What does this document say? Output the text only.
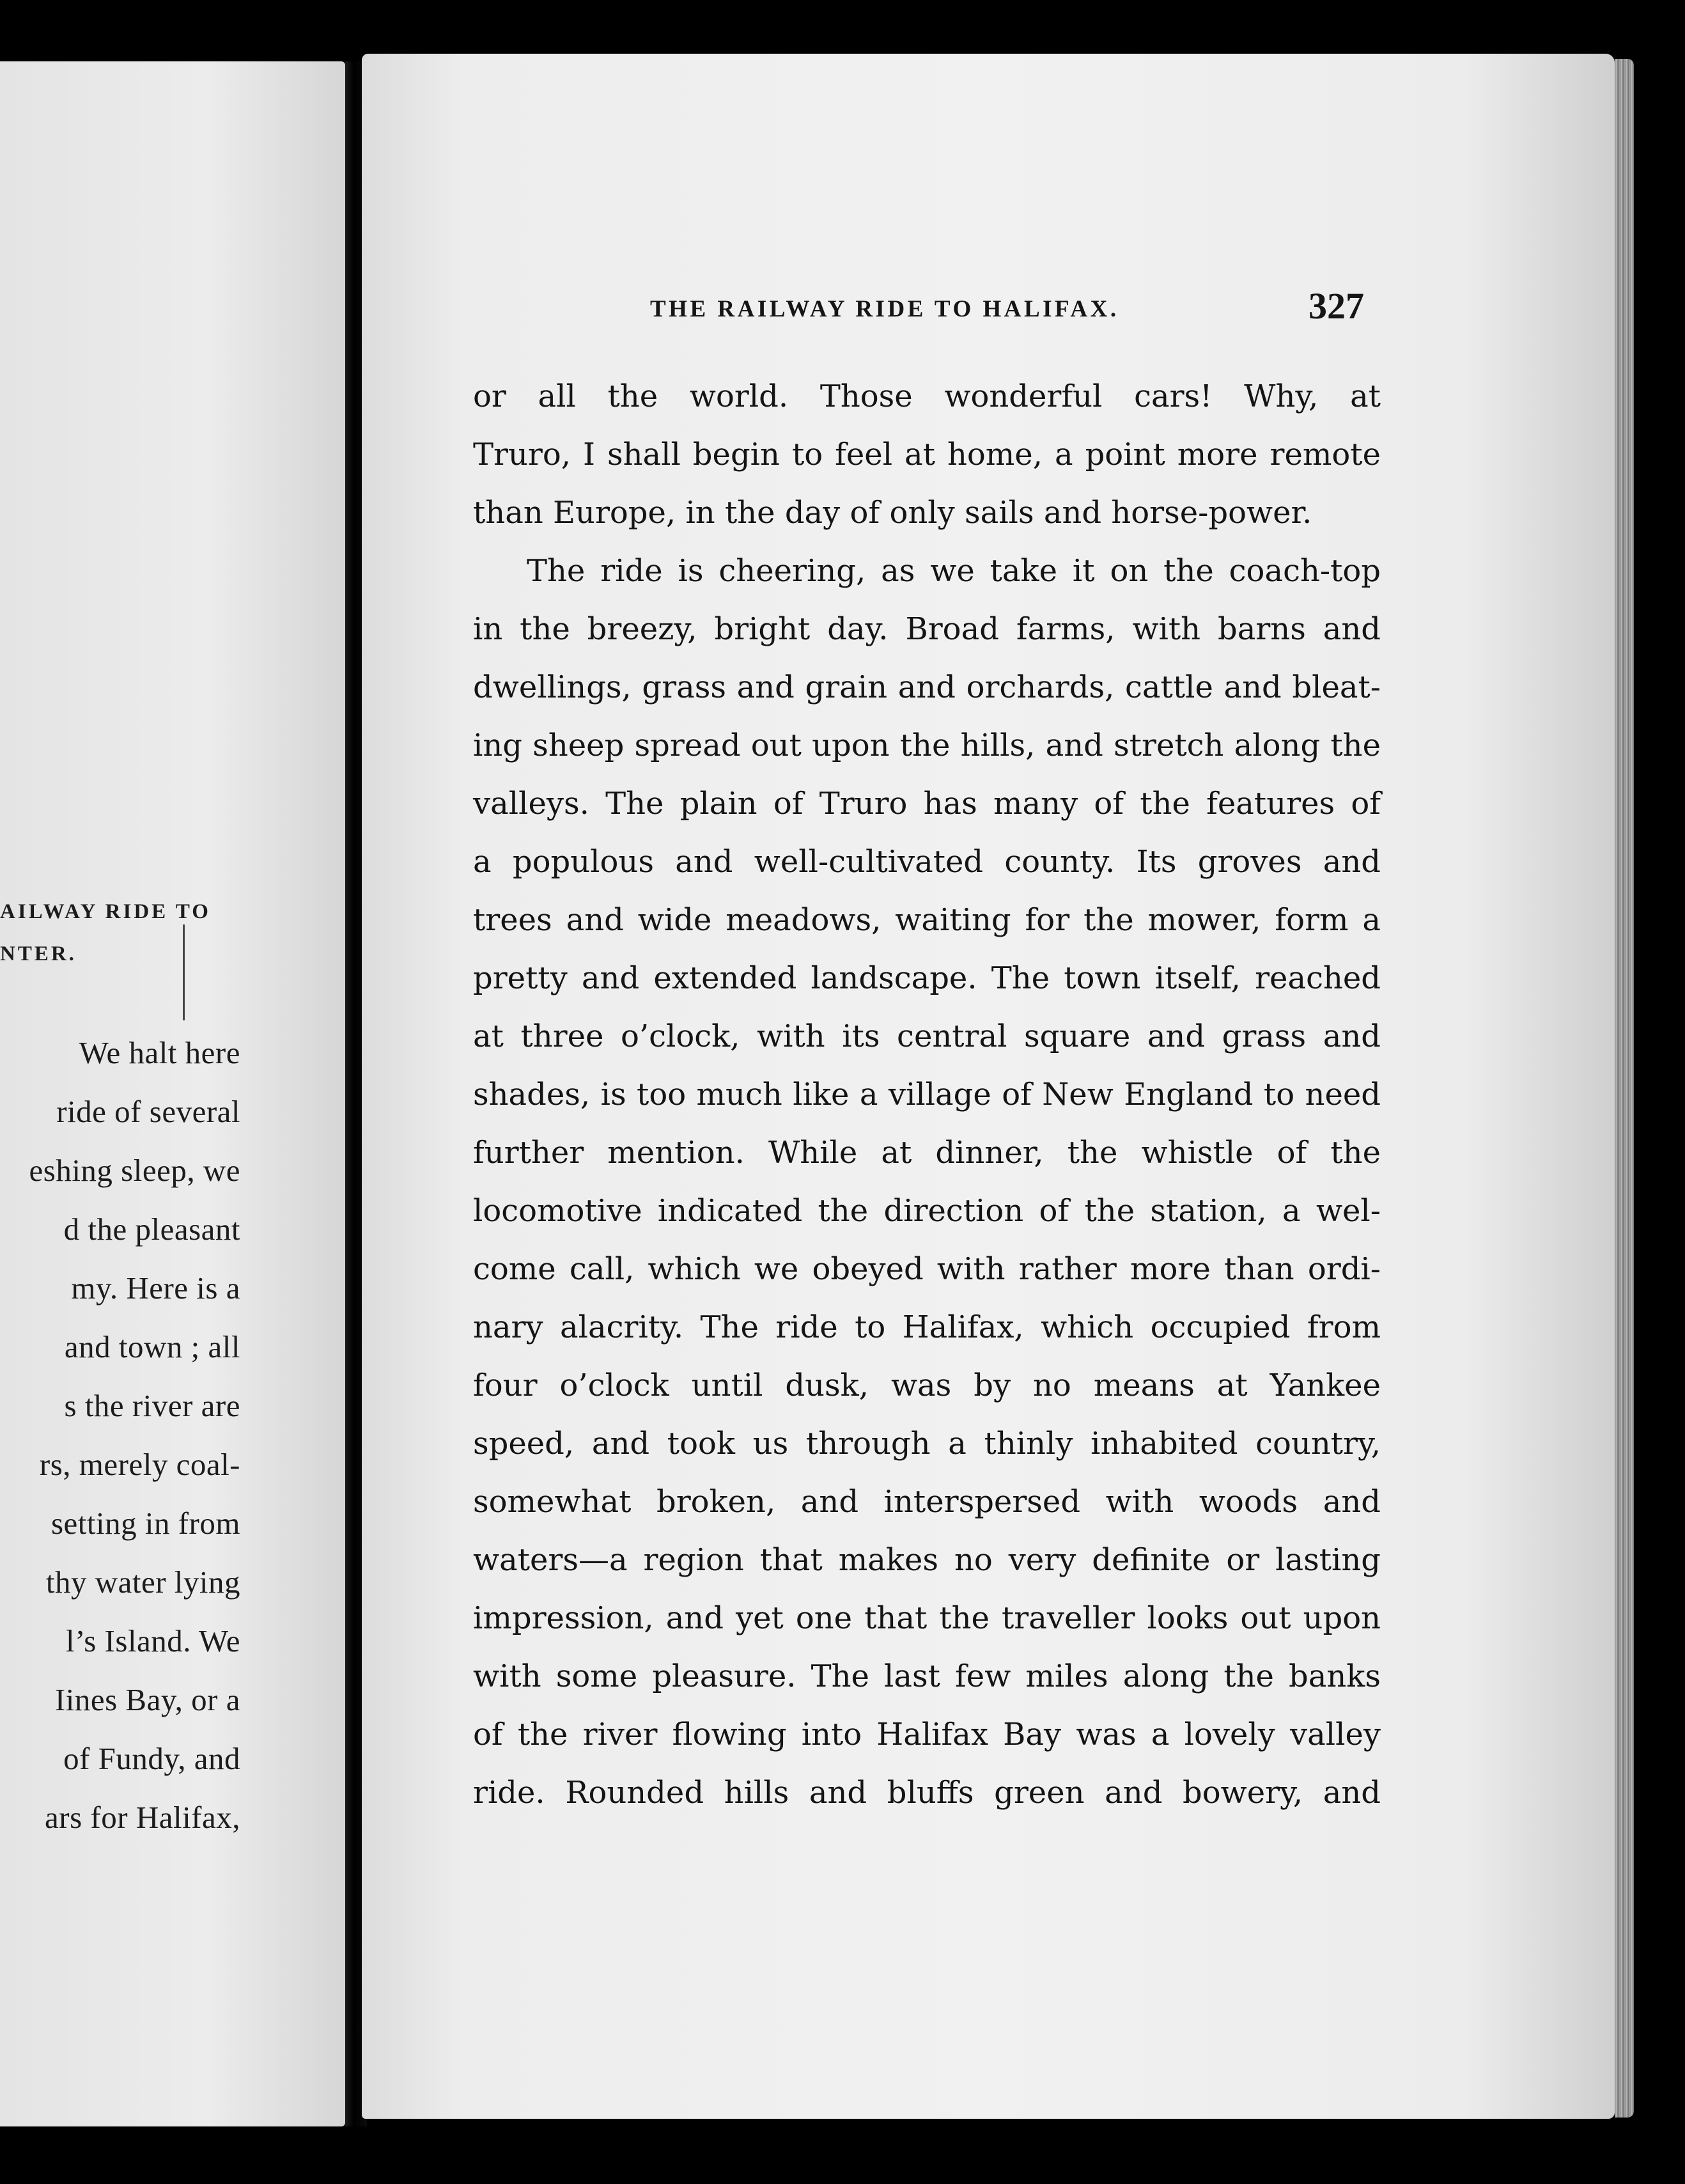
AILWAY RIDE TO
NTER.
We halt here
ride of several
eshing sleep, we
d the pleasant
my. Here is a
and town ; all
s the river are
rs, merely coal-
setting in from
thy water lying
l’s Island. We
Iines Bay, or a
of Fundy, and
ars for Halifax,
THE RAILWAY RIDE TO HALIFAX.	327
or all the world. Those wonderful cars! Why, at
Truro, I shall begin to feel at home, a point more remote
than Europe, in the day of only sails and horse-power.
The ride is cheering, as we take it on the coach-top
in the breezy, bright day. Broad farms, with barns and
dwellings, grass and grain and orchards, cattle and bleat-
ing sheep spread out upon the hills, and stretch along the
valleys. The plain of Truro has many of the features of
a populous and well-cultivated county. Its groves and
trees and wide meadows, waiting for the mower, form a
pretty and extended landscape. The town itself, reached
at three o’clock, with its central square and grass and
shades, is too much like a village of New England to need
further mention. While at dinner, the whistle of the
locomotive indicated the direction of the station, a wel-
come call, which we obeyed with rather more than ordi-
nary alacrity. The ride to Halifax, which occupied from
four o’clock until dusk, was by no means at Yankee
speed, and took us through a thinly inhabited country,
somewhat broken, and interspersed with woods and
waters—a region that makes no very definite or lasting
impression, and yet one that the traveller looks out upon
with some pleasure. The last few miles along the banks
of the river flowing into Halifax Bay was a lovely valley
ride. Rounded hills and bluffs green and bowery, and
